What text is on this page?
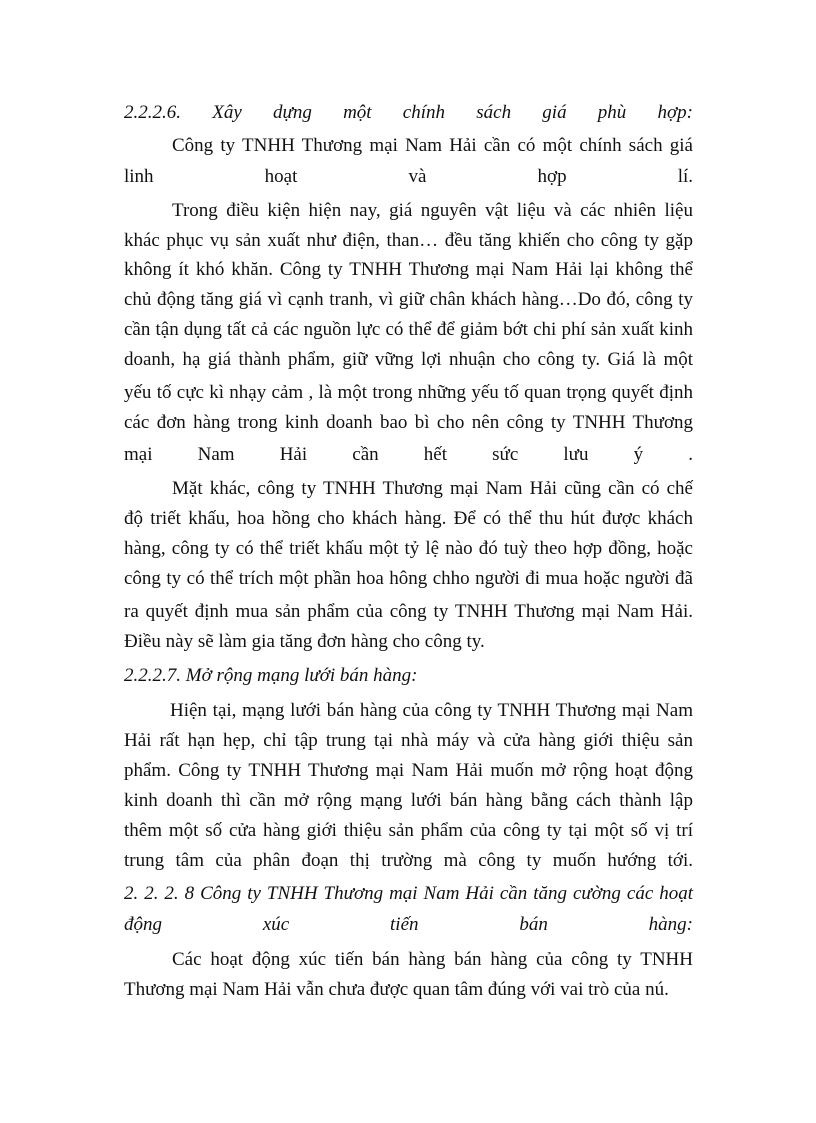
2.2.2.6. Xây dựng một chính sách giá phù hợp:
Công ty TNHH Thương mại Nam Hải cần có một chính sách giá
linh hoạt và hợp lí.
Trong điều kiện hiện nay, giá nguyên vật liệu và các nhiên liệu
khác phục vụ sản xuất như điện, than… đều tăng khiến cho công ty gặp
không ít khó khăn. Công ty TNHH Thương mại Nam Hải lại không thể
chủ động tăng giá vì cạnh tranh, vì giữ chân khách hàng…Do đó, công ty
cần tận dụng tất cả các nguồn lực có thể để giảm bớt chi phí sản xuất kinh
doanh, hạ giá thành phẩm, giữ vững lợi nhuận cho công ty. Giá là một
yếu tố cực kì nhạy cảm , là một trong những yếu tố quan trọng quyết định
các đơn hàng trong kinh doanh bao bì cho nên công ty TNHH Thương
mại Nam Hải cần hết sức lưu ý .
Mặt khác, công ty TNHH Thương mại Nam Hải cũng cần có chế
độ triết khấu, hoa hồng cho khách hàng. Để có thể thu hút được khách
hàng, công ty có thể triết khấu một tỷ lệ nào đó tuỳ theo hợp đồng, hoặc
công ty có thể trích một phần hoa hông chho người đi mua hoặc người đã
ra quyết định mua sản phẩm của công ty TNHH Thương mại Nam Hải.
Điều này sẽ làm gia tăng đơn hàng cho công ty.
2.2.2.7. Mở rộng mạng lưới bán hàng:
Hiện tại, mạng lưới bán hàng của công ty TNHH Thương mại Nam
Hải rất hạn hẹp, chỉ tập trung tại nhà máy và cửa hàng giới thiệu sản
phẩm. Công ty TNHH Thương mại Nam Hải muốn mở rộng hoạt động
kinh doanh thì cần mở rộng mạng lưới bán hàng bằng cách thành lập
thêm một số cửa hàng giới thiệu sản phẩm của công ty tại một số vị trí
trung tâm của phân đoạn thị trường mà công ty muốn hướng tới.
2. 2. 2. 8 Công ty TNHH Thương mại Nam Hải cần tăng cường các hoạt
động xúc tiến bán hàng:
Các hoạt động xúc tiến bán hàng bán hàng của công ty TNHH
Thương mại Nam Hải vẫn chưa được quan tâm đúng với vai trò của nú.
